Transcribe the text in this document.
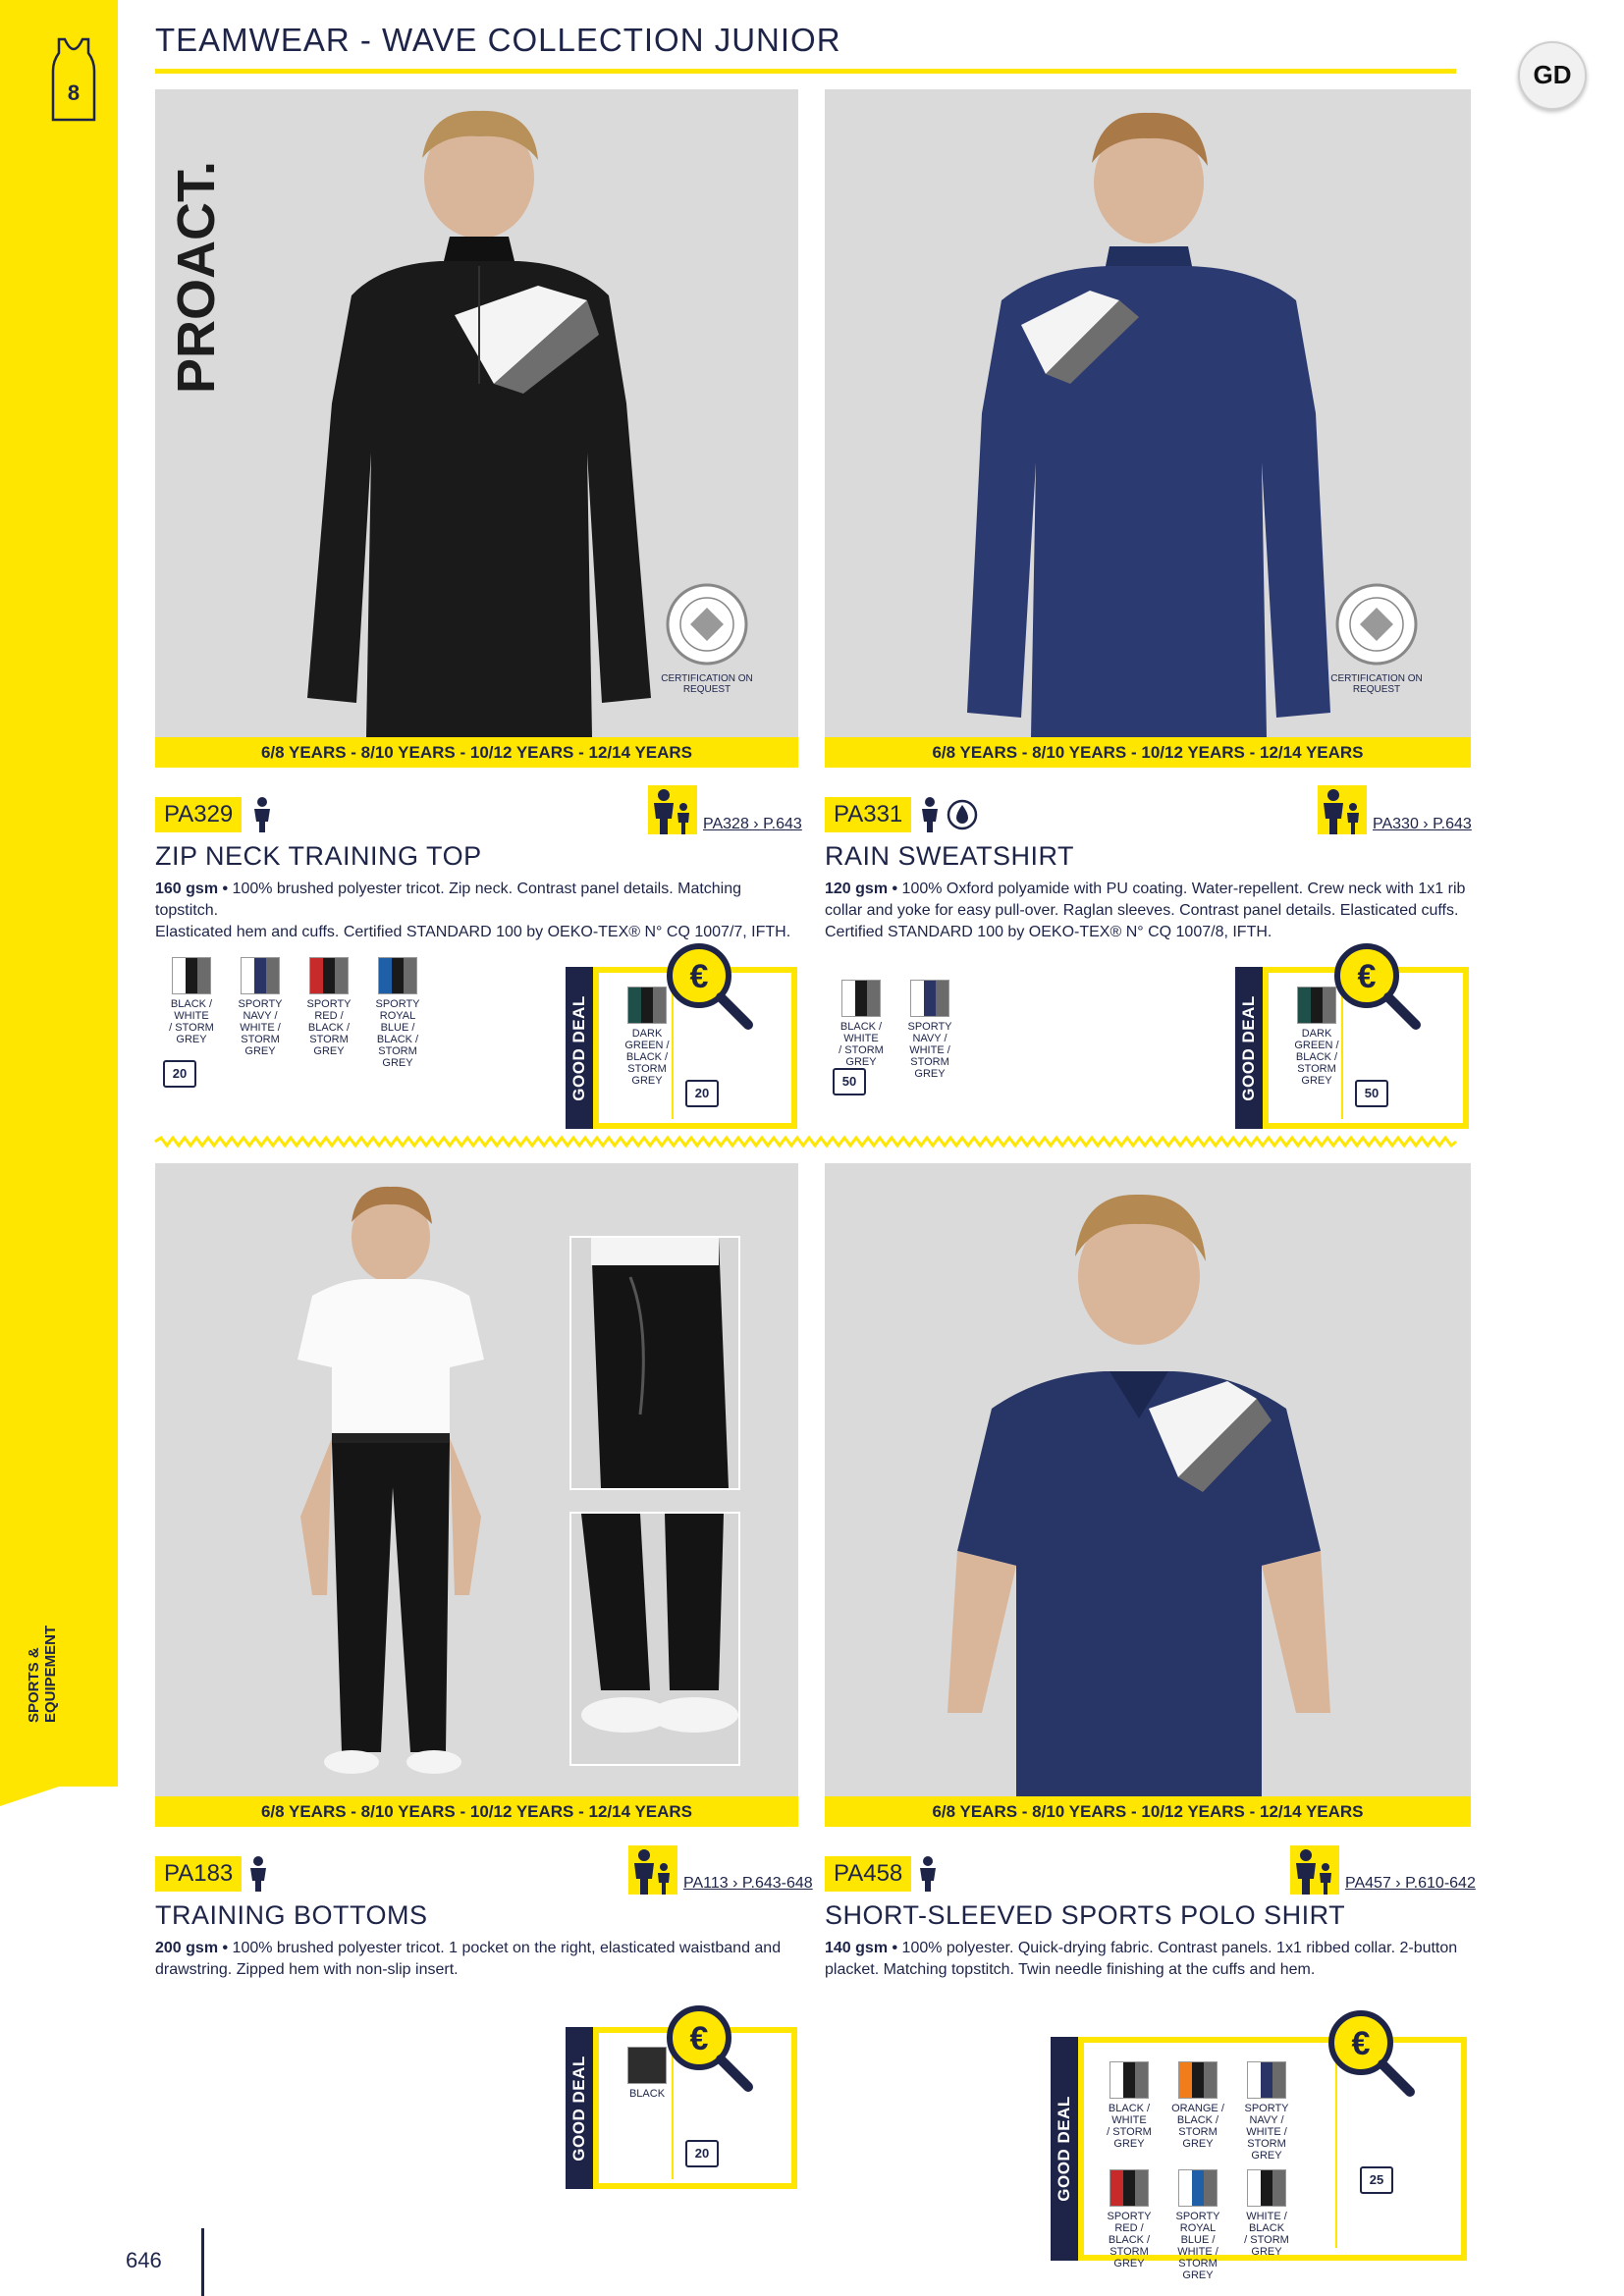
8
SPORTS & EQUIPEMENT
TEAMWEAR - WAVE COLLECTION JUNIOR
GD
PROACT.
CERTIFICATION ON
REQUEST
6/8 YEARS - 8/10 YEARS - 10/12 YEARS - 12/14 YEARS
PA329	PA328 › P.643
ZIP NECK TRAINING TOP
160 gsm • 100% brushed polyester tricot. Zip neck. Contrast panel details. Matching topstitch.
Elasticated hem and cuffs. Certified STANDARD 100 by OEKO-TEX® N° CQ 1007/7, IFTH.
BLACK / WHITE
/ STORM
GREY
SPORTY NAVY /
WHITE / STORM
GREY
SPORTY RED /
BLACK / STORM
GREY
SPORTY ROYAL
BLUE / BLACK /
STORM GREY
20	GOOD DEAL	DARK GREEN /
BLACK / STORM
GREY
20
€
CERTIFICATION ON
REQUEST
6/8 YEARS - 8/10 YEARS - 10/12 YEARS - 12/14 YEARS
PA331	PA330 › P.643
RAIN SWEATSHIRT
120 gsm • 100% Oxford polyamide with PU coating. Water-repellent. Crew neck with 1x1 rib
collar and yoke for easy pull-over. Raglan sleeves. Contrast panel details. Elasticated cuffs.
Certified STANDARD 100 by OEKO-TEX® N° CQ 1007/8, IFTH.
BLACK / WHITE
/ STORM
GREY
SPORTY NAVY /
WHITE / STORM
GREY
50	GOOD DEAL	DARK GREEN /
BLACK / STORM
GREY
50
€
6/8 YEARS - 8/10 YEARS - 10/12 YEARS - 12/14 YEARS
PA183	PA113 › P.643-648
TRAINING BOTTOMS
200 gsm • 100% brushed polyester tricot. 1 pocket on the right, elasticated waistband and
drawstring. Zipped hem with non-slip insert.
GOOD DEAL	BLACK
20
€
6/8 YEARS - 8/10 YEARS - 10/12 YEARS - 12/14 YEARS
PA458	PA457 › P.610-642
SHORT-SLEEVED SPORTS POLO SHIRT
140 gsm • 100% polyester. Quick-drying fabric. Contrast panels. 1x1 ribbed collar. 2-button
placket. Matching topstitch. Twin needle finishing at the cuffs and hem.
GOOD DEAL	BLACK / WHITE
/ STORM
GREY
ORANGE /
BLACK / STORM
GREY
SPORTY NAVY /
WHITE / STORM
GREY
SPORTY RED /
BLACK / STORM
GREY
SPORTY ROYAL
BLUE / WHITE /
STORM GREY
WHITE / BLACK
/ STORM
GREY
25
€
646
